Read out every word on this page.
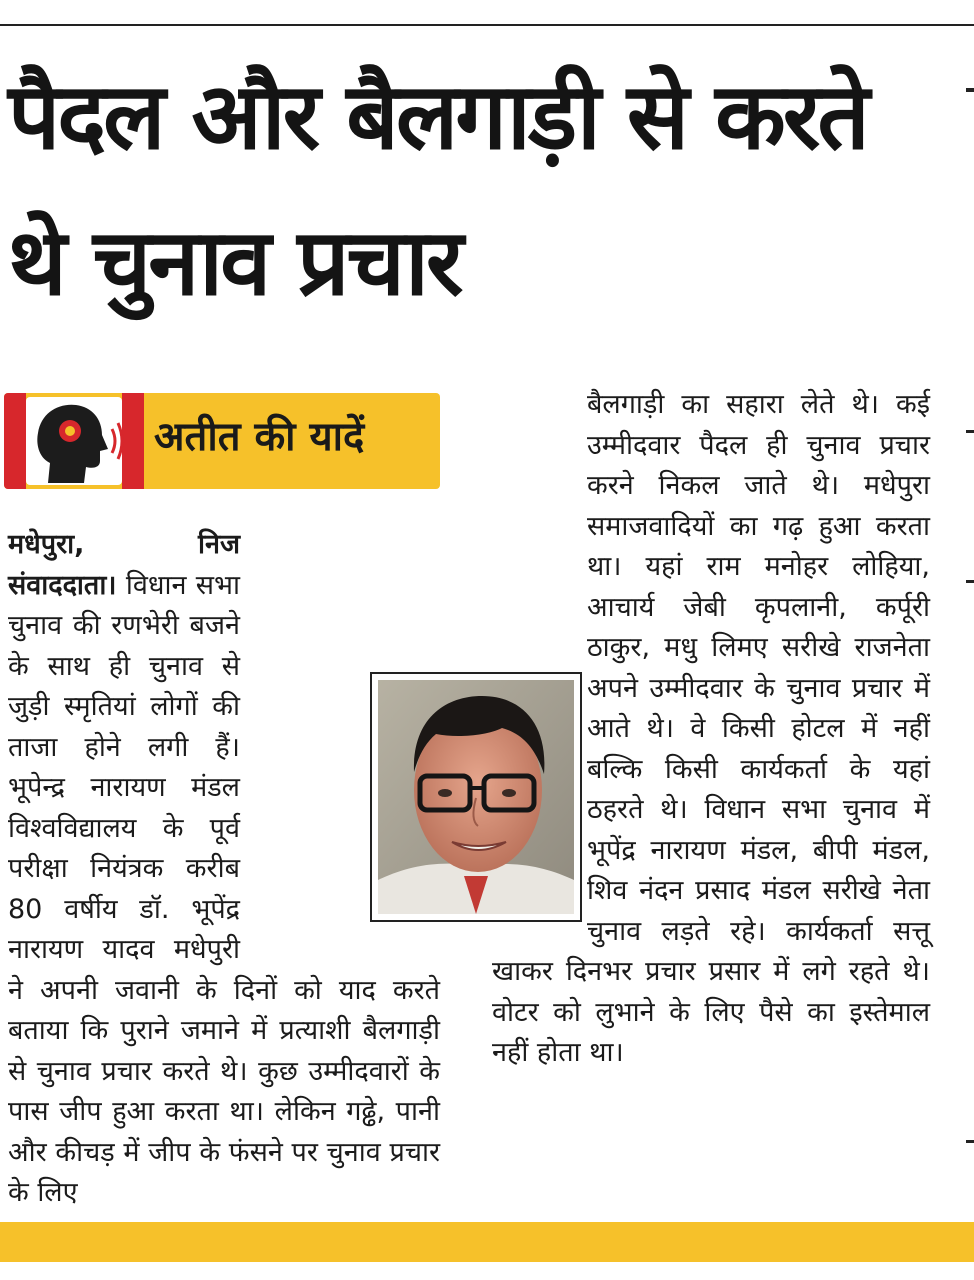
पैदल और बैलगाड़ी से करते थे चुनाव प्रचार
अतीत की यादें
मधेपुरा, निज संवाददाता। विधान सभा चुनाव की रणभेरी बजने के साथ ही चुनाव से जुड़ी स्मृतियां लोगों की ताजा होने लगी हैं। भूपेन्द्र नारायण मंडल विश्वविद्यालय के पूर्व परीक्षा नियंत्रक करीब 80 वर्षीय डॉ. भूपेंद्र नारायण यादव मधेपुरी ने अपनी जवानी के दिनों को याद करते बताया कि पुराने जमाने में प्रत्याशी बैलगाड़ी से चुनाव प्रचार करते थे। कुछ उम्मीदवारों के पास जीप हुआ करता था। लेकिन गढ्ढे, पानी और कीचड़ में जीप के फंसने पर चुनाव प्रचार के लिए
बैलगाड़ी का सहारा लेते थे। कई उम्मीदवार पैदल ही चुनाव प्रचार करने निकल जाते थे। मधेपुरा समाजवादियों का गढ़ हुआ करता था। यहां राम मनोहर लोहिया, आचार्य जेबी कृपलानी, कर्पूरी ठाकुर, मधु लिमए सरीखे राजनेता अपने उम्मीदवार के चुनाव प्रचार में आते थे। वे किसी होटल में नहीं बल्कि किसी कार्यकर्ता के यहां ठहरते थे। विधान सभा चुनाव में भूपेंद्र नारायण मंडल, बीपी मंडल, शिव नंदन प्रसाद मंडल सरीखे नेता चुनाव लड़ते रहे। कार्यकर्ता सत्तू खाकर दिनभर प्रचार प्रसार में लगे रहते थे। वोटर को लुभाने के लिए पैसे का इस्तेमाल नहीं होता था।
